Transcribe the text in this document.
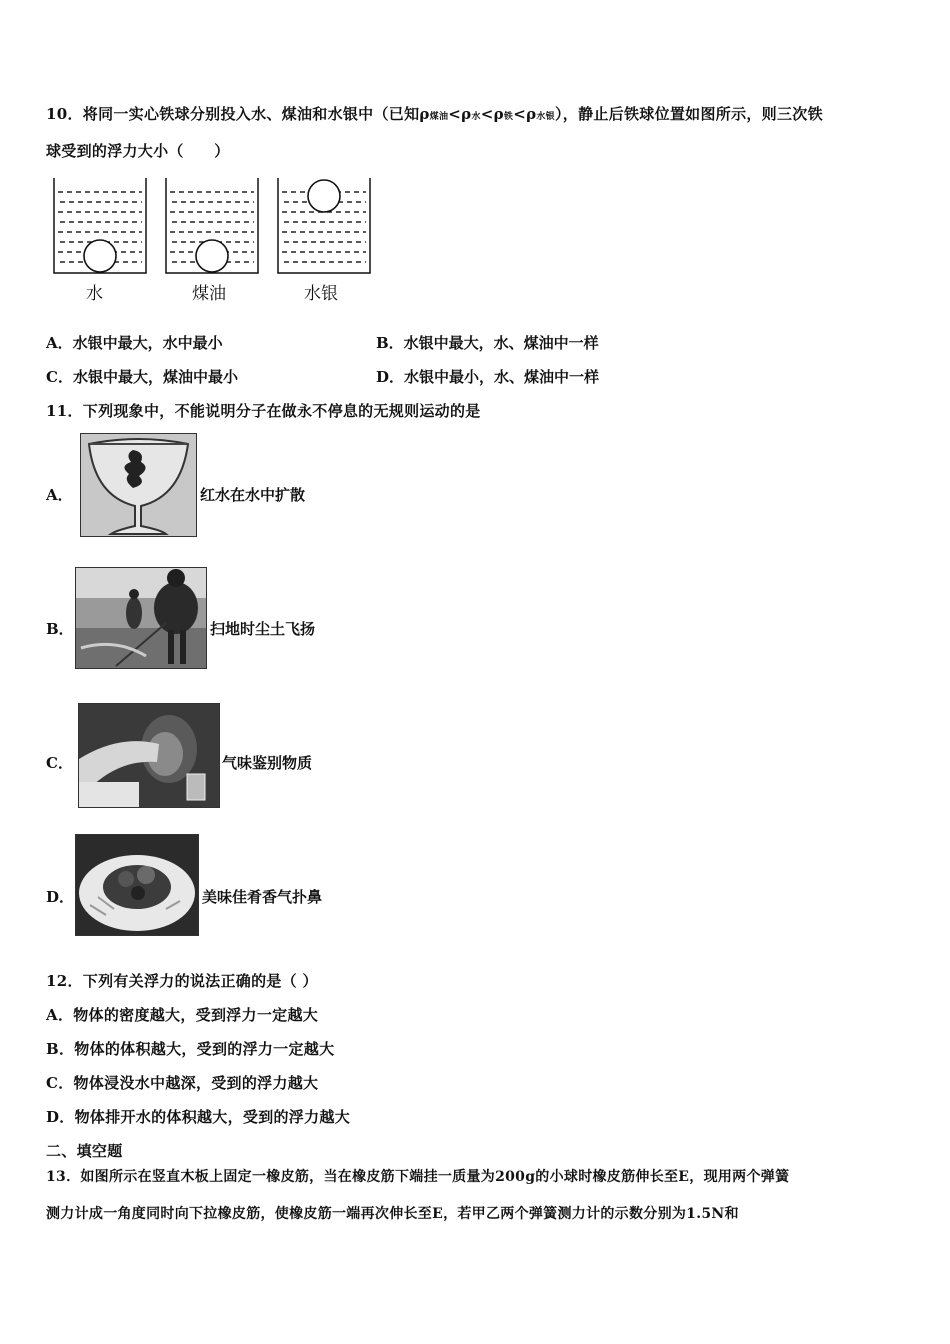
10．将同一实心铁球分别投入水、煤油和水银中（已知ρ煤油<ρ水<ρ铁<ρ水银），静止后铁球位置如图所示，则三次铁
球受到的浮力大小（　　）
水	煤油	水银
A．水银中最大，水中最小	B．水银中最大，水、煤油中一样
C．水银中最大，煤油中最小	D．水银中最小，水、煤油中一样
11．下列现象中，不能说明分子在做永不停息的无规则运动的是
A．	红水在水中扩散
B．	扫地时尘土飞扬
C．	气味鉴别物质
D．	美味佳肴香气扑鼻
12．下列有关浮力的说法正确的是（ ）
A．物体的密度越大，受到浮力一定越大
B．物体的体积越大，受到的浮力一定越大
C．物体浸没水中越深，受到的浮力越大
D．物体排开水的体积越大，受到的浮力越大
二、填空题
13．如图所示在竖直木板上固定一橡皮筋，当在橡皮筋下端挂一质量为200g的小球时橡皮筋伸长至E，现用两个弹簧
测力计成一角度同时向下拉橡皮筋，使橡皮筋一端再次伸长至E，若甲乙两个弹簧测力计的示数分别为1.5N和
